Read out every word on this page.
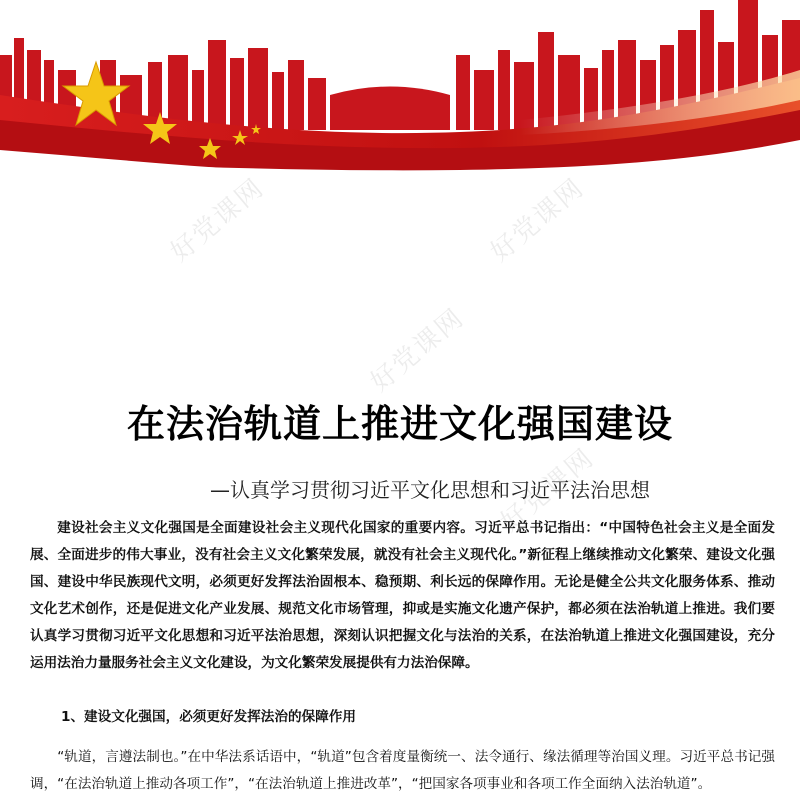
好党课网	好党课网
好党课网
好党课网
在法治轨道上推进文化强国建设
—认真学习贯彻习近平文化思想和习近平法治思想
建设社会主义文化强国是全面建设社会主义现代化国家的重要内容。习近平总书记指出：“中国特色社会主义是全面发展、全面进步的伟大事业，没有社会主义文化繁荣发展，就没有社会主义现代化。”新征程上继续推动文化繁荣、建设文化强国、建设中华民族现代文明，必须更好发挥法治固根本、稳预期、利长远的保障作用。无论是健全公共文化服务体系、推动文化艺术创作，还是促进文化产业发展、规范文化市场管理，抑或是实施文化遗产保护，都必须在法治轨道上推进。我们要认真学习贯彻习近平文化思想和习近平法治思想，深刻认识把握文化与法治的关系，在法治轨道上推进文化强国建设，充分运用法治力量服务社会主义文化建设，为文化繁荣发展提供有力法治保障。
1、建设文化强国，必须更好发挥法治的保障作用
“轨道，言遵法制也。”在中华法系话语中，“轨道”包含着度量衡统一、法令通行、缘法循理等治国义理。习近平总书记强调，“在法治轨道上推动各项工作”，“在法治轨道上推进改革”，“把国家各项事业和各项工作全面纳入法治轨道”。
